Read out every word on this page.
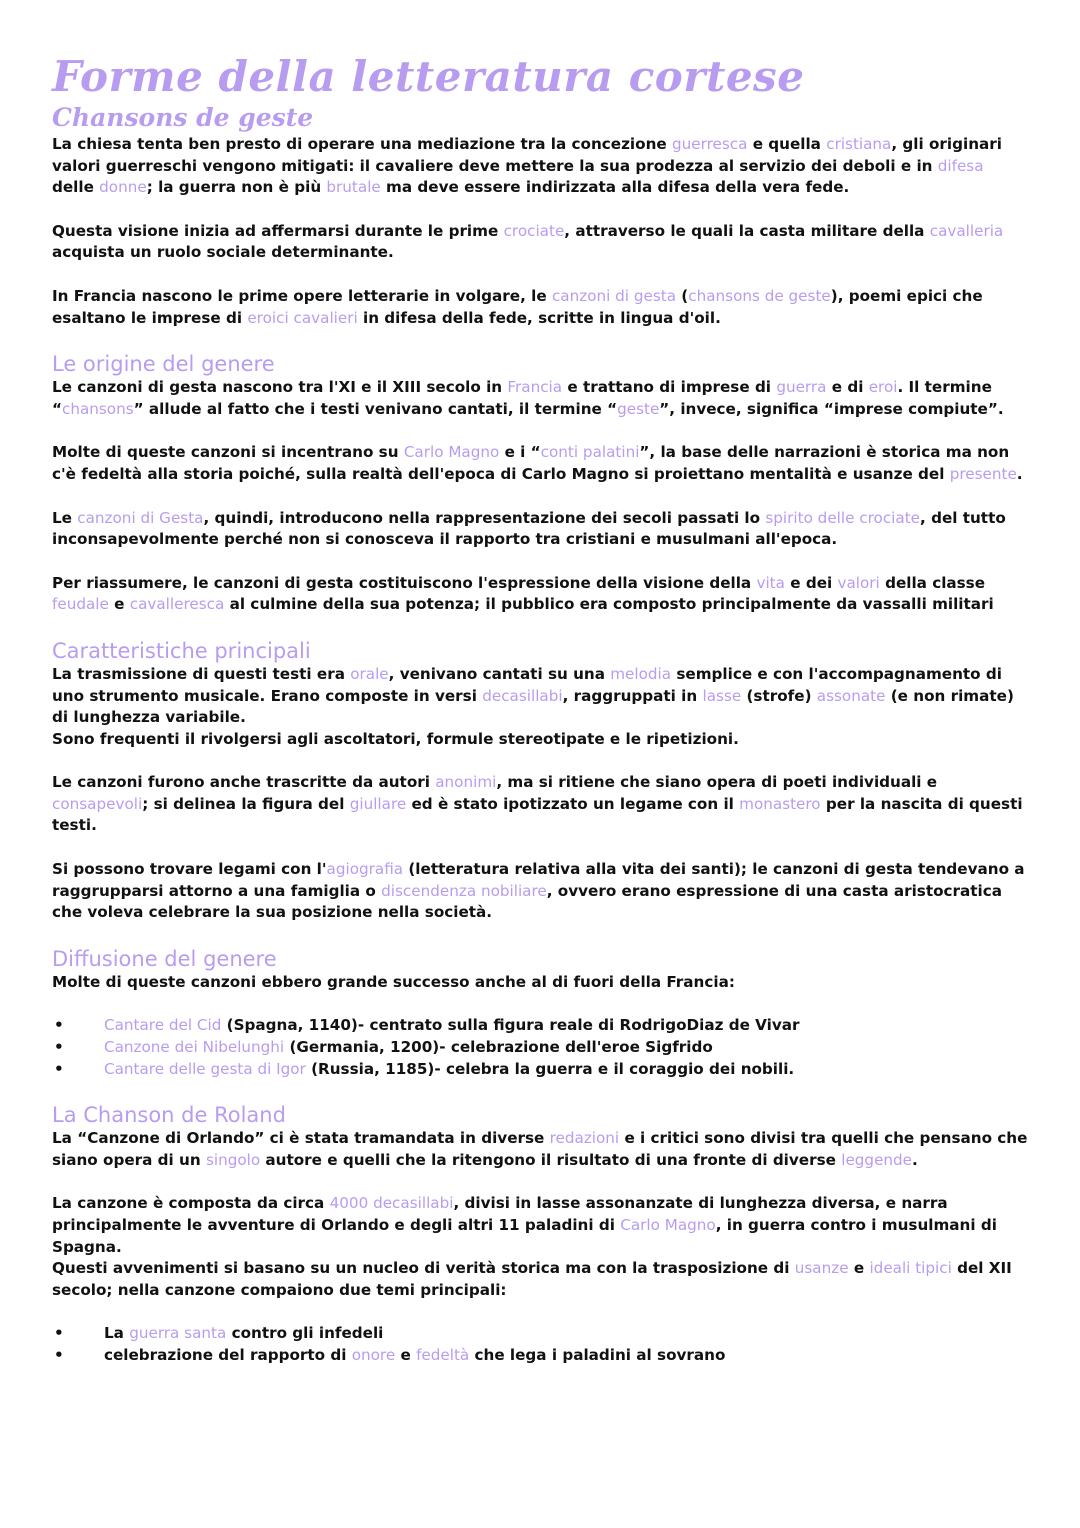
Forme della letteratura cortese
Chansons de geste

La chiesa tenta ben presto di operare una mediazione tra la concezione guerresca e quella cristiana, gli originari valori guerreschi vengono mitigati: il cavaliere deve mettere la sua prodezza al servizio dei deboli e in difesa delle donne; la guerra non è più brutale ma deve essere indirizzata alla difesa della vera fede.

Questa visione inizia ad affermarsi durante le prime crociate, attraverso le quali la casta militare della cavalleria acquista un ruolo sociale determinante.

In Francia nascono le prime opere letterarie in volgare, le canzoni di gesta (chansons de geste), poemi epici che esaltano le imprese di eroici cavalieri in difesa della fede, scritte in lingua d'oil.

Le origine del genere

Le canzoni di gesta nascono tra l'XI e il XIII secolo in Francia e trattano di imprese di guerra e di eroi. Il termine “chansons” allude al fatto che i testi venivano cantati, il termine “geste”, invece, significa “imprese compiute”.

Molte di queste canzoni si incentrano su Carlo Magno e i “conti palatini”, la base delle narrazioni è storica ma non c'è fedeltà alla storia poiché, sulla realtà dell'epoca di Carlo Magno si proiettano mentalità e usanze del presente.

Le canzoni di Gesta, quindi, introducono nella rappresentazione dei secoli passati lo spirito delle crociate, del tutto inconsapevolmente perché non si conosceva il rapporto tra cristiani e musulmani all'epoca.

Per riassumere, le canzoni di gesta costituiscono l'espressione della visione della vita e dei valori della classe feudale e cavalleresca al culmine della sua potenza; il pubblico era composto principalmente da vassalli militari

Caratteristiche principali

La trasmissione di questi testi era orale, venivano cantati su una melodia semplice e con l'accompagnamento di uno strumento musicale. Erano composte in versi decasillabi, raggruppati in lasse (strofe) assonate (e non rimate) di lunghezza variabile.
Sono frequenti il rivolgersi agli ascoltatori, formule stereotipate e le ripetizioni.

Le canzoni furono anche trascritte da autori anonimi, ma si ritiene che siano opera di poeti individuali e consapevoli; si delinea la figura del giullare ed è stato ipotizzato un legame con il monastero per la nascita di questi testi.

Si possono trovare legami con l'agiografia (letteratura relativa alla vita dei santi); le canzoni di gesta tendevano a raggrupparsi attorno a una famiglia o discendenza nobiliare, ovvero erano espressione di una casta aristocratica che voleva celebrare la sua posizione nella società.

Diffusione del genere

Molte di queste canzoni ebbero grande successo anche al di fuori della Francia:

•	Cantare del Cid (Spagna, 1140)- centrato sulla figura reale di RodrigoDiaz de Vivar
•	Canzone dei Nibelunghi (Germania, 1200)- celebrazione dell'eroe Sigfrido
•	Cantare delle gesta di Igor (Russia, 1185)- celebra la guerra e il coraggio dei nobili.
La Chanson de Roland

La “Canzone di Orlando” ci è stata tramandata in diverse redazioni e i critici sono divisi tra quelli che pensano che siano opera di un singolo autore e quelli che la ritengono il risultato di una fronte di diverse leggende.

La canzone è composta da circa 4000 decasillabi, divisi in lasse assonanzate di lunghezza diversa, e narra principalmente le avventure di Orlando e degli altri 11 paladini di Carlo Magno, in guerra contro i musulmani di Spagna.

Questi avvenimenti si basano su un nucleo di verità storica ma con la trasposizione di usanze e ideali tipici del XII secolo; nella canzone compaiono due temi principali:

•	La guerra santa contro gli infedeli
•	celebrazione del rapporto di onore e fedeltà che lega i paladini al sovrano
